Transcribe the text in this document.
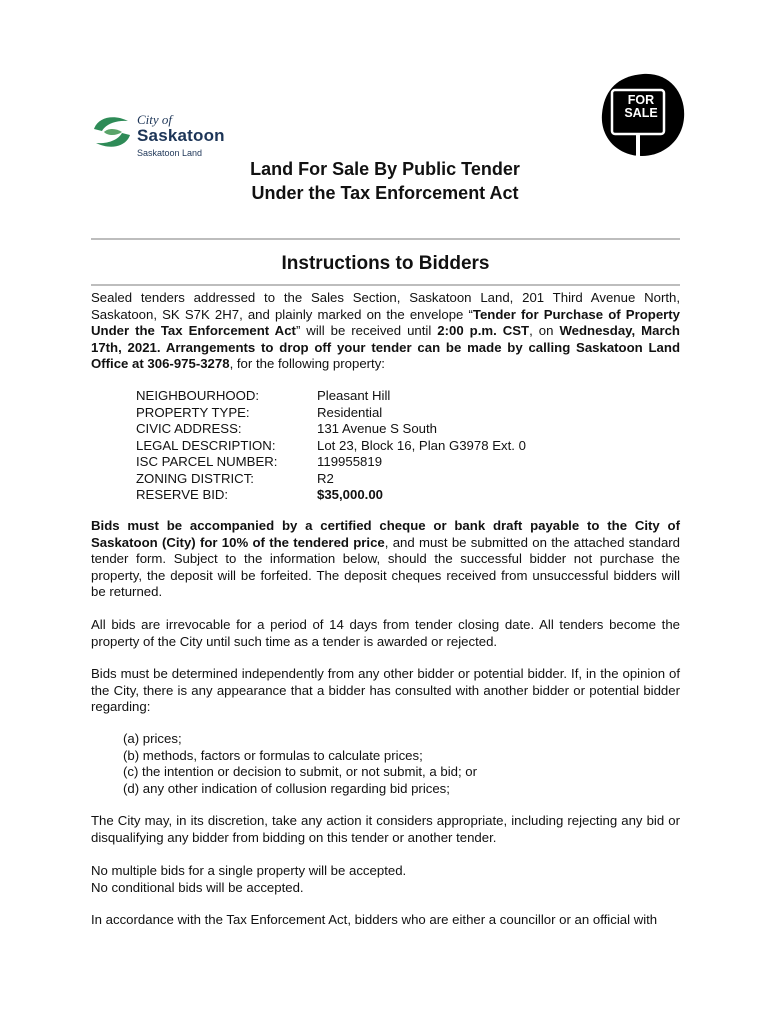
City of
Saskatoon
Saskatoon Land
FOR
SALE
Land For Sale By Public Tender
Under the Tax Enforcement Act
Instructions to Bidders

Sealed tenders addressed to the Sales Section, Saskatoon Land, 201 Third Avenue North, Saskatoon, SK S7K 2H7, and plainly marked on the envelope “Tender for Purchase of Property Under the Tax Enforcement Act” will be received until 2:00 p.m. CST, on Wednesday, March 17th, 2021. Arrangements to drop off your tender can be made by calling Saskatoon Land Office at 306-975-3278, for the following property:

NEIGHBOURHOOD:	Pleasant Hill
PROPERTY TYPE:	Residential
CIVIC ADDRESS:	131 Avenue S South
LEGAL DESCRIPTION:	Lot 23, Block 16, Plan G3978 Ext. 0
ISC PARCEL NUMBER:	119955819
ZONING DISTRICT:	R2
RESERVE BID:	$35,000.00

Bids must be accompanied by a certified cheque or bank draft payable to the City of Saskatoon (City) for 10% of the tendered price, and must be submitted on the attached standard tender form. Subject to the information below, should the successful bidder not purchase the property, the deposit will be forfeited. The deposit cheques received from unsuccessful bidders will be returned.

All bids are irrevocable for a period of 14 days from tender closing date. All tenders become the property of the City until such time as a tender is awarded or rejected.

Bids must be determined independently from any other bidder or potential bidder. If, in the opinion of the City, there is any appearance that a bidder has consulted with another bidder or potential bidder regarding:

(a) prices;
(b) methods, factors or formulas to calculate prices;
(c) the intention or decision to submit, or not submit, a bid; or
(d) any other indication of collusion regarding bid prices;

The City may, in its discretion, take any action it considers appropriate, including rejecting any bid or disqualifying any bidder from bidding on this tender or another tender.

No multiple bids for a single property will be accepted.
No conditional bids will be accepted.

In accordance with the Tax Enforcement Act, bidders who are either a councillor or an official with
